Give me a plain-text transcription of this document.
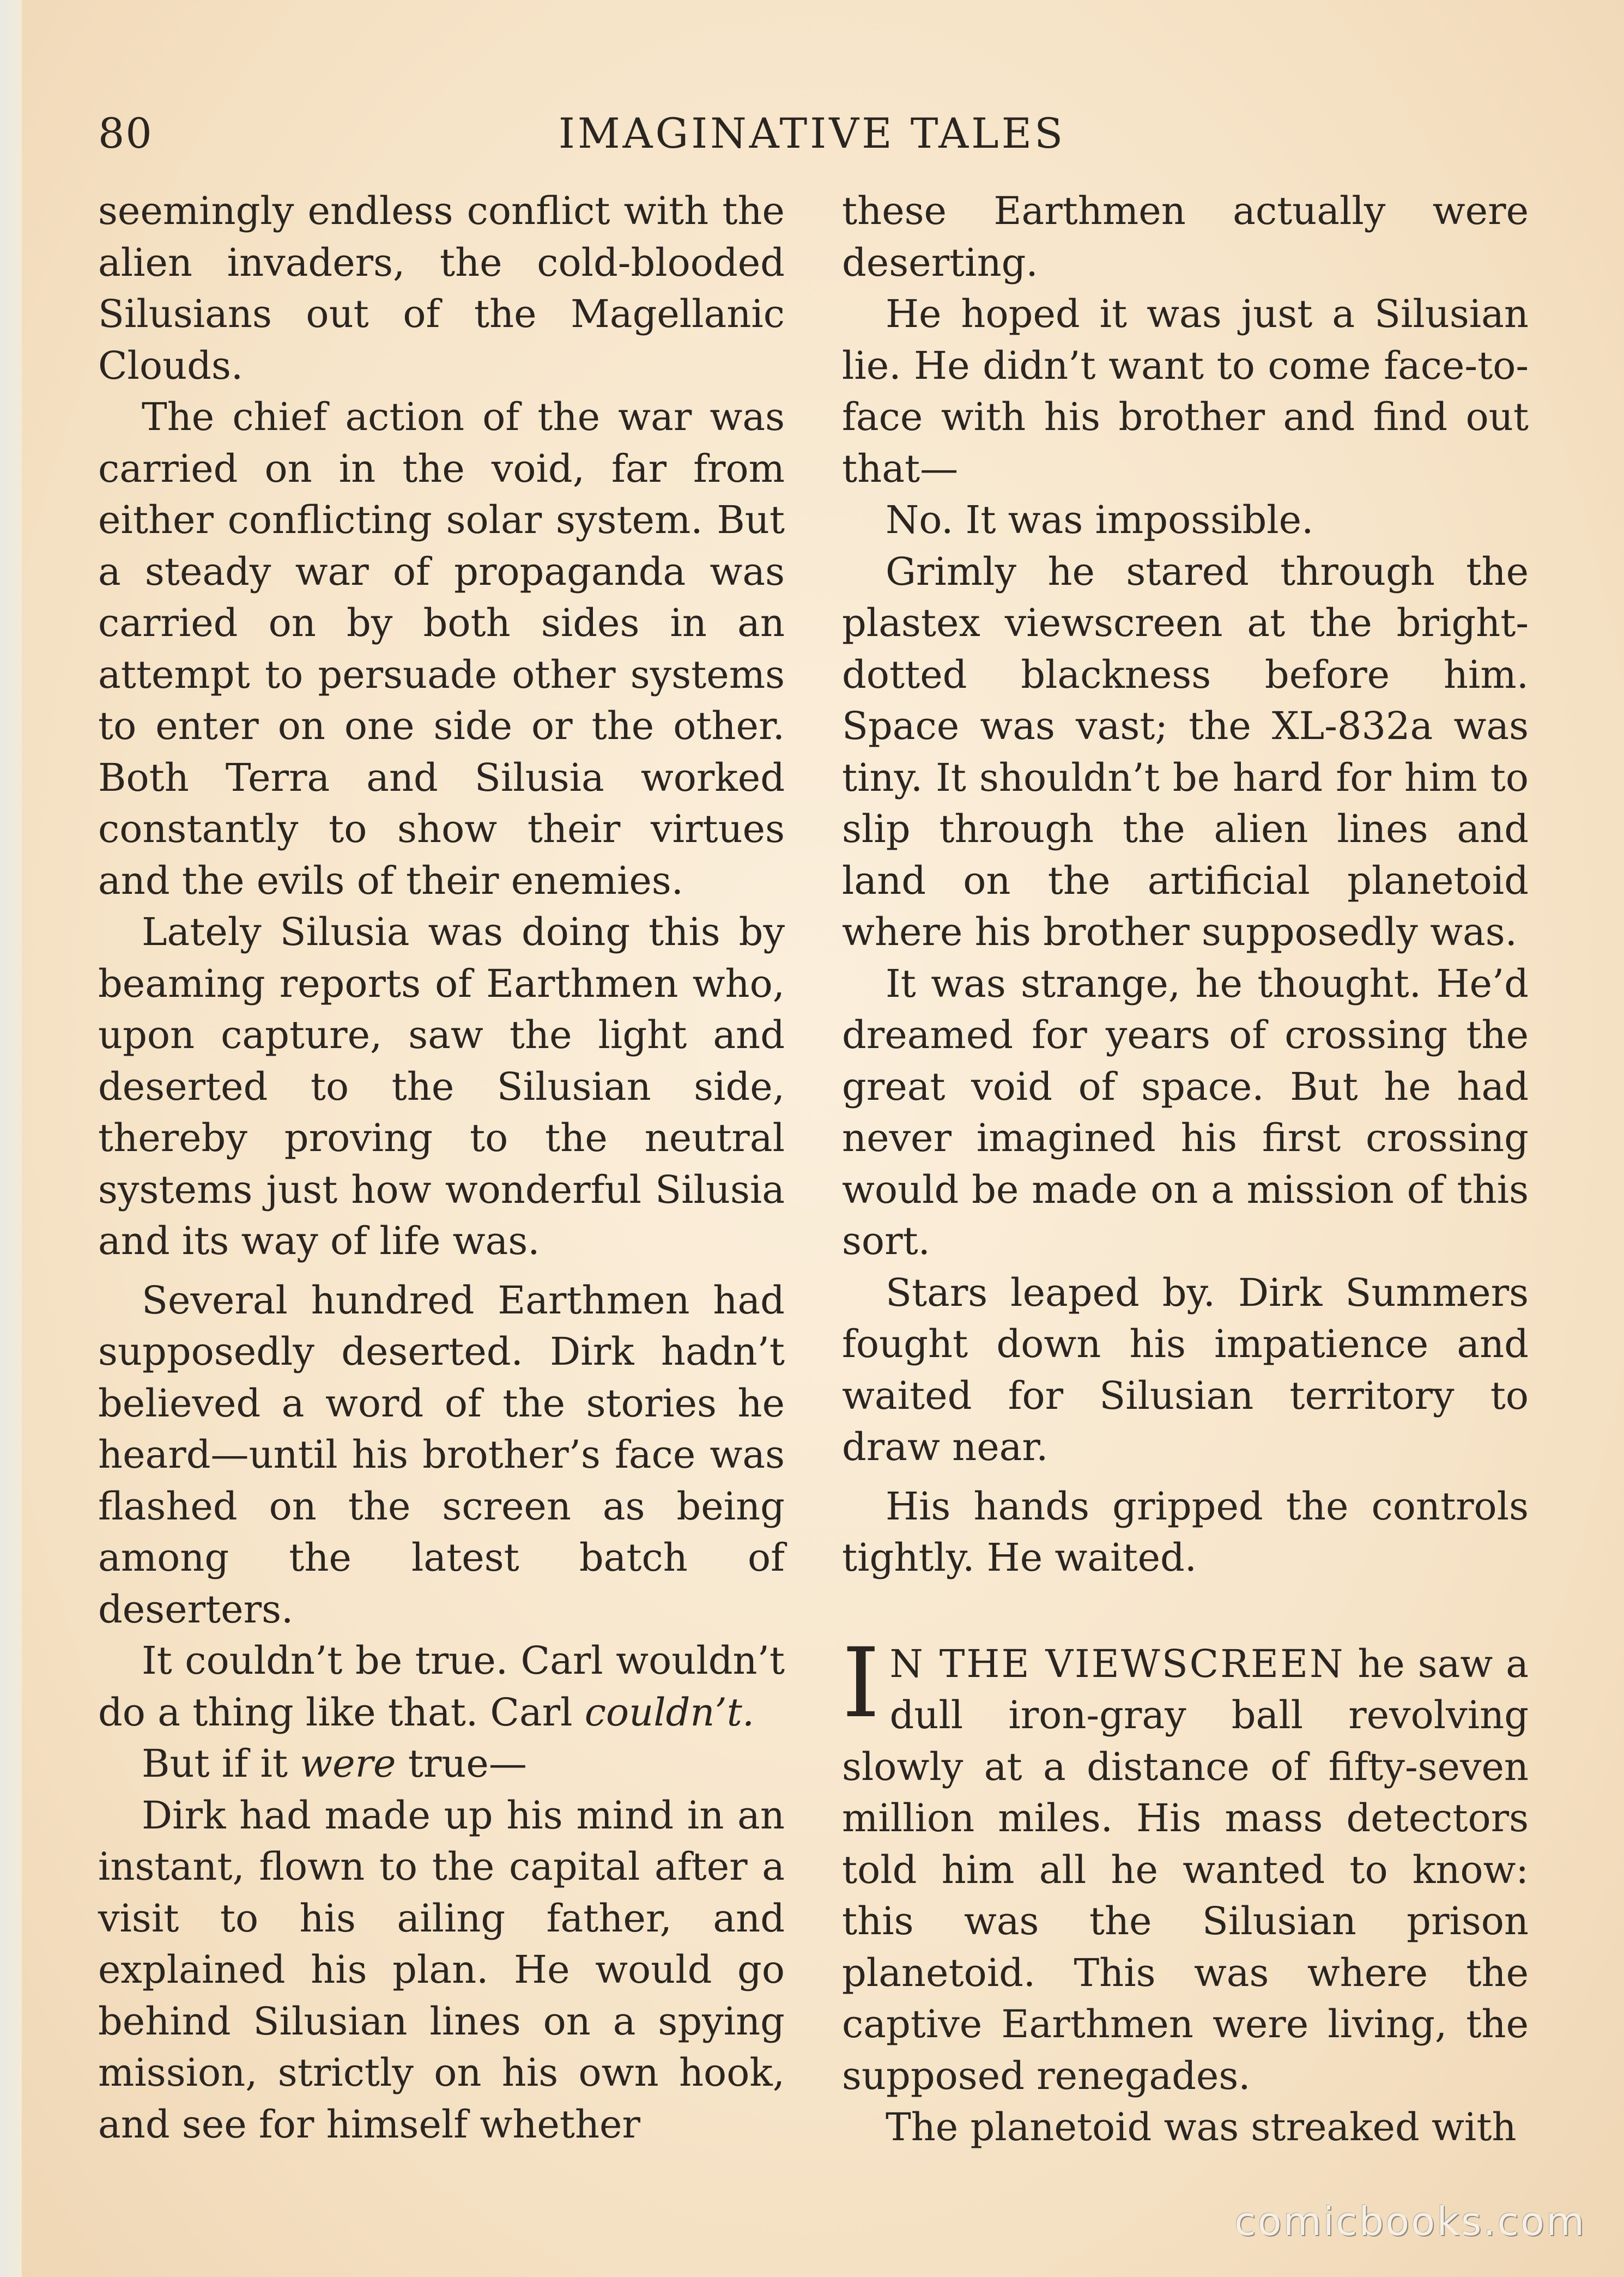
80	IMAGINATIVE TALES

seemingly endless conflict with the alien invaders, the cold-blooded Silusians out of the Magellanic Clouds.

The chief action of the war was carried on in the void, far from either conflicting solar system. But a steady war of propaganda was carried on by both sides in an attempt to persuade other systems to enter on one side or the other. Both Terra and Silusia worked constantly to show their virtues and the evils of their enemies.

Lately Silusia was doing this by beaming reports of Earthmen who, upon capture, saw the light and deserted to the Silusian side, thereby proving to the neutral systems just how wonderful Silusia and its way of life was.

Several hundred Earthmen had supposedly deserted. Dirk hadn’t believed a word of the stories he heard—until his brother’s face was flashed on the screen as being among the latest batch of deserters.

It couldn’t be true. Carl wouldn’t do a thing like that. Carl couldn’t.

But if it were true—

Dirk had made up his mind in an instant, flown to the capital after a visit to his ailing father, and explained his plan. He would go behind Silusian lines on a spying mission, strictly on his own hook, and see for himself whether

these Earthmen actually were deserting.

He hoped it was just a Silusian lie. He didn’t want to come face-to-face with his brother and find out that—

No. It was impossible.

Grimly he stared through the plastex viewscreen at the bright-dotted blackness before him. Space was vast; the XL-832a was tiny. It shouldn’t be hard for him to slip through the alien lines and land on the artificial planetoid where his brother supposedly was.

It was strange, he thought. He’d dreamed for years of crossing the great void of space. But he had never imagined his first crossing would be made on a mission of this sort.

Stars leaped by. Dirk Summers fought down his impatience and waited for Silusian territory to draw near.

His hands gripped the controls tightly. He waited.

I N THE VIEWSCREEN he saw a dull iron-gray ball revolving slowly at a distance of fifty-seven million miles. His mass detectors told him all he wanted to know: this was the Silusian prison planetoid. This was where the captive Earthmen were living, the supposed renegades.

The planetoid was streaked with

comicbooks.com
